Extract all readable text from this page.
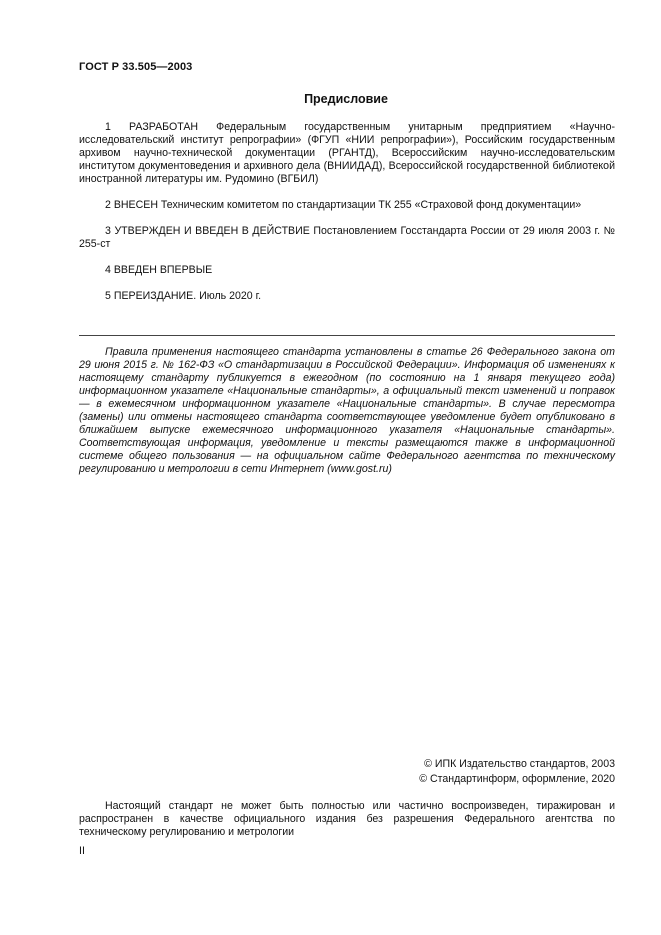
ГОСТ Р 33.505—2003
Предисловие

1 РАЗРАБОТАН Федеральным государственным унитарным предприятием «Научно-исследовательский институт репрографии» (ФГУП «НИИ репрографии»), Российским государственным архивом научно-технической документации (РГАНТД), Всероссийским научно-исследовательским институтом документоведения и архивного дела (ВНИИДАД), Всероссийской государственной библиотекой иностранной литературы им. Рудомино (ВГБИЛ)

2 ВНЕСЕН Техническим комитетом по стандартизации ТК 255 «Страховой фонд документации»

3 УТВЕРЖДЕН И ВВЕДЕН В ДЕЙСТВИЕ Постановлением Госстандарта России от 29 июля 2003 г. № 255-ст

4 ВВЕДЕН ВПЕРВЫЕ

5 ПЕРЕИЗДАНИЕ. Июль 2020 г.

Правила применения настоящего стандарта установлены в статье 26 Федерального закона от 29 июня 2015 г. № 162-ФЗ «О стандартизации в Российской Федерации». Информация об изменениях к настоящему стандарту публикуется в ежегодном (по состоянию на 1 января текущего года) информационном указателе «Национальные стандарты», а официальный текст изменений и поправок — в ежемесячном информационном указателе «Национальные стандарты». В случае пересмотра (замены) или отмены настоящего стандарта соответствующее уведомление будет опубликовано в ближайшем выпуске ежемесячного информационного указателя «Национальные стандарты». Соответствующая информация, уведомление и тексты размещаются также в информационной системе общего пользования — на официальном сайте Федерального агентства по техническому регулированию и метрологии в сети Интернет (www.gost.ru)

© ИПК Издательство стандартов, 2003
© Стандартинформ, оформление, 2020

Настоящий стандарт не может быть полностью или частично воспроизведен, тиражирован и распространен в качестве официального издания без разрешения Федерального агентства по техническому регулированию и метрологии

II
